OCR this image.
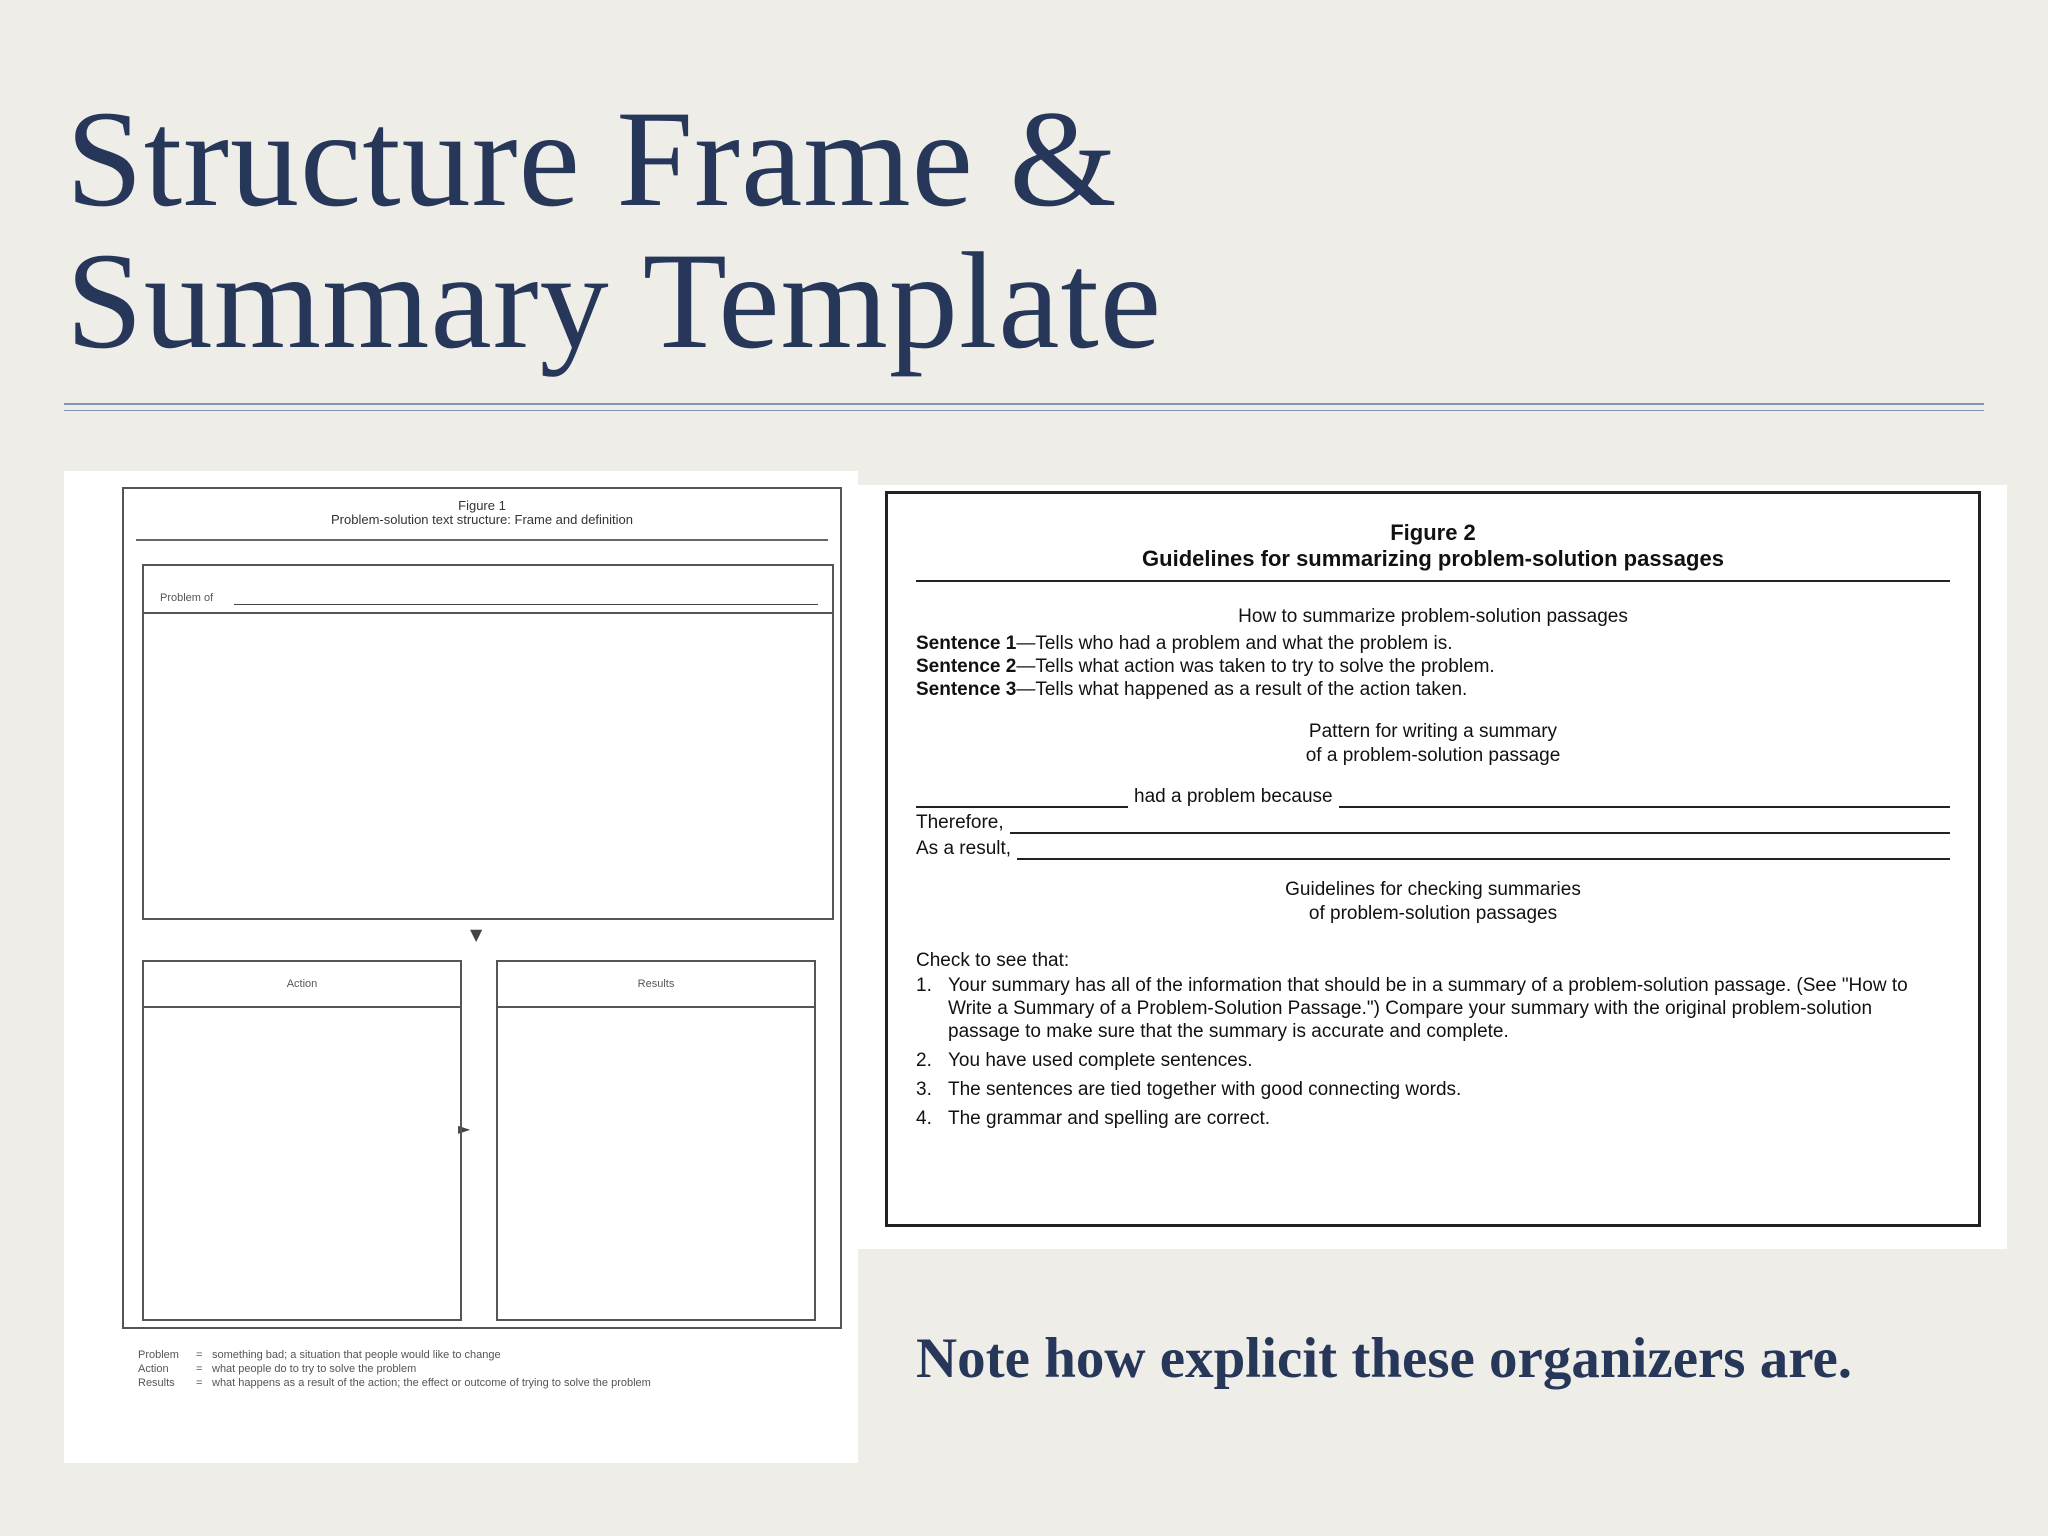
Structure Frame &
Summary Template
Figure 1
Problem-solution text structure: Frame and definition
Problem of
▼
►
Action	Results
Problem	= something bad; a situation that people would like to change
Action	= what people do to try to solve the problem
Results	= what happens as a result of the action; the effect or outcome of trying to solve the problem
Figure 2
Guidelines for summarizing problem-solution passages
How to summarize problem-solution passages
Sentence 1—Tells who had a problem and what the problem is.
Sentence 2—Tells what action was taken to try to solve the problem.
Sentence 3—Tells what happened as a result of the action taken.
Pattern for writing a summary
of a problem-solution passage
had a problem because
Therefore,
As a result,
Guidelines for checking summaries
of problem-solution passages
Check to see that:
1. Your summary has all of the information that should be in a summary of a problem-solution passage. (See "How to Write a Summary of a Problem-Solution Passage.") Compare your summary with the original problem-solution passage to make sure that the summary is accurate and complete.
2. You have used complete sentences.
3. The sentences are tied together with good connecting words.
4. The grammar and spelling are correct.
Note how explicit these organizers are.
